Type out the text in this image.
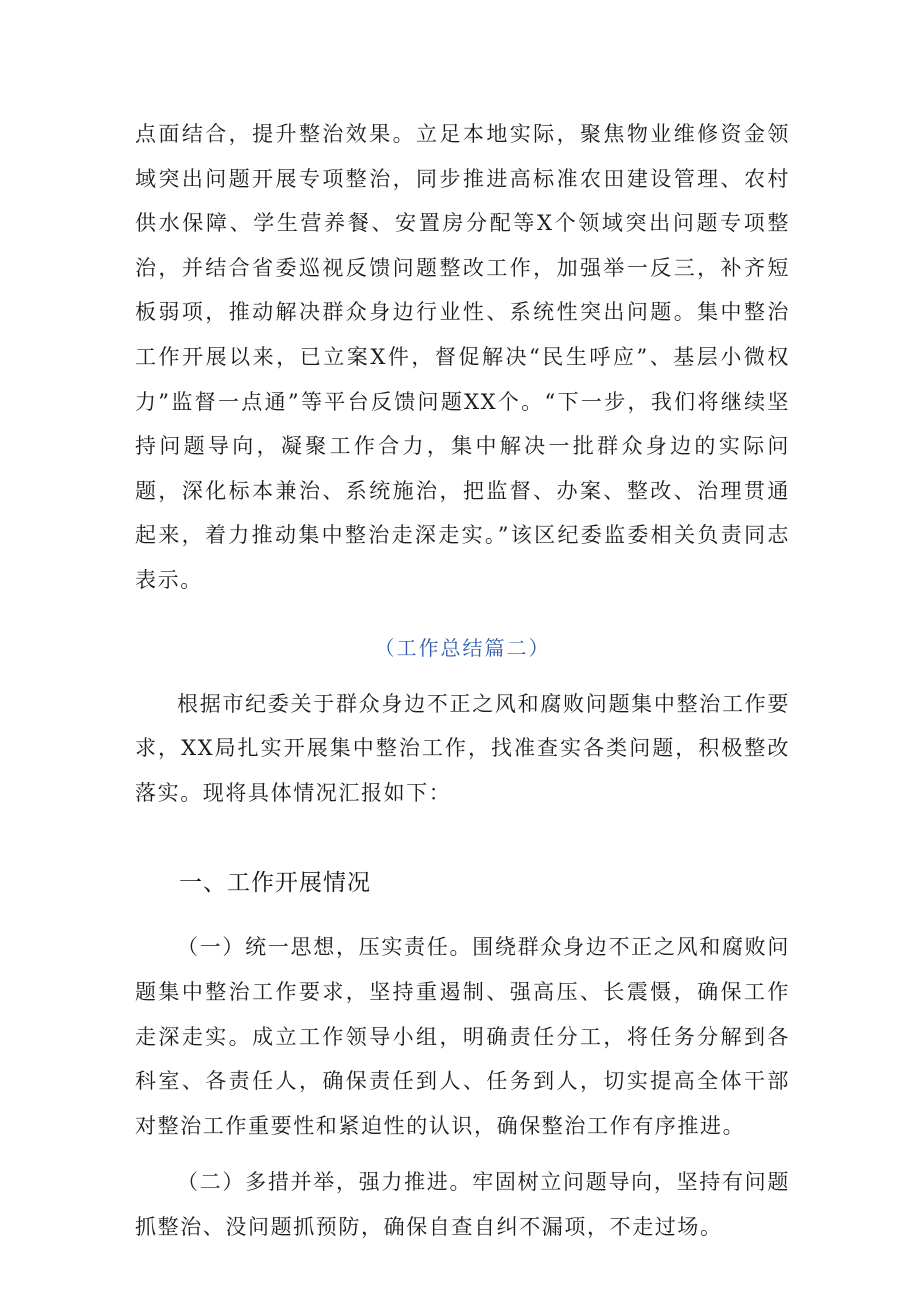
点面结合，提升整治效果。立足本地实际，聚焦物业维修资金领域突出问题开展专项整治，同步推进高标准农田建设管理、农村供水保障、学生营养餐、安置房分配等X个领域突出问题专项整治，并结合省委巡视反馈问题整改工作，加强举一反三，补齐短板弱项，推动解决群众身边行业性、系统性突出问题。集中整治工作开展以来，已立案X件，督促解决“民生呼应”、基层小微权力”监督一点通”等平台反馈问题XX个。“下一步，我们将继续坚持问题导向，凝聚工作合力，集中解决一批群众身边的实际问题，深化标本兼治、系统施治，把监督、办案、整改、治理贯通起来，着力推动集中整治走深走实。”该区纪委监委相关负责同志表示。

（工作总结篇二）

根据市纪委关于群众身边不正之风和腐败问题集中整治工作要求，XX局扎实开展集中整治工作，找准查实各类问题，积极整改落实。现将具体情况汇报如下：

一、工作开展情况

（一）统一思想，压实责任。围绕群众身边不正之风和腐败问题集中整治工作要求，坚持重遏制、强高压、长震慑，确保工作走深走实。成立工作领导小组，明确责任分工，将任务分解到各科室、各责任人，确保责任到人、任务到人，切实提高全体干部对整治工作重要性和紧迫性的认识，确保整治工作有序推进。

（二）多措并举，强力推进。牢固树立问题导向，坚持有问题抓整治、没问题抓预防，确保自查自纠不漏项，不走过场。
